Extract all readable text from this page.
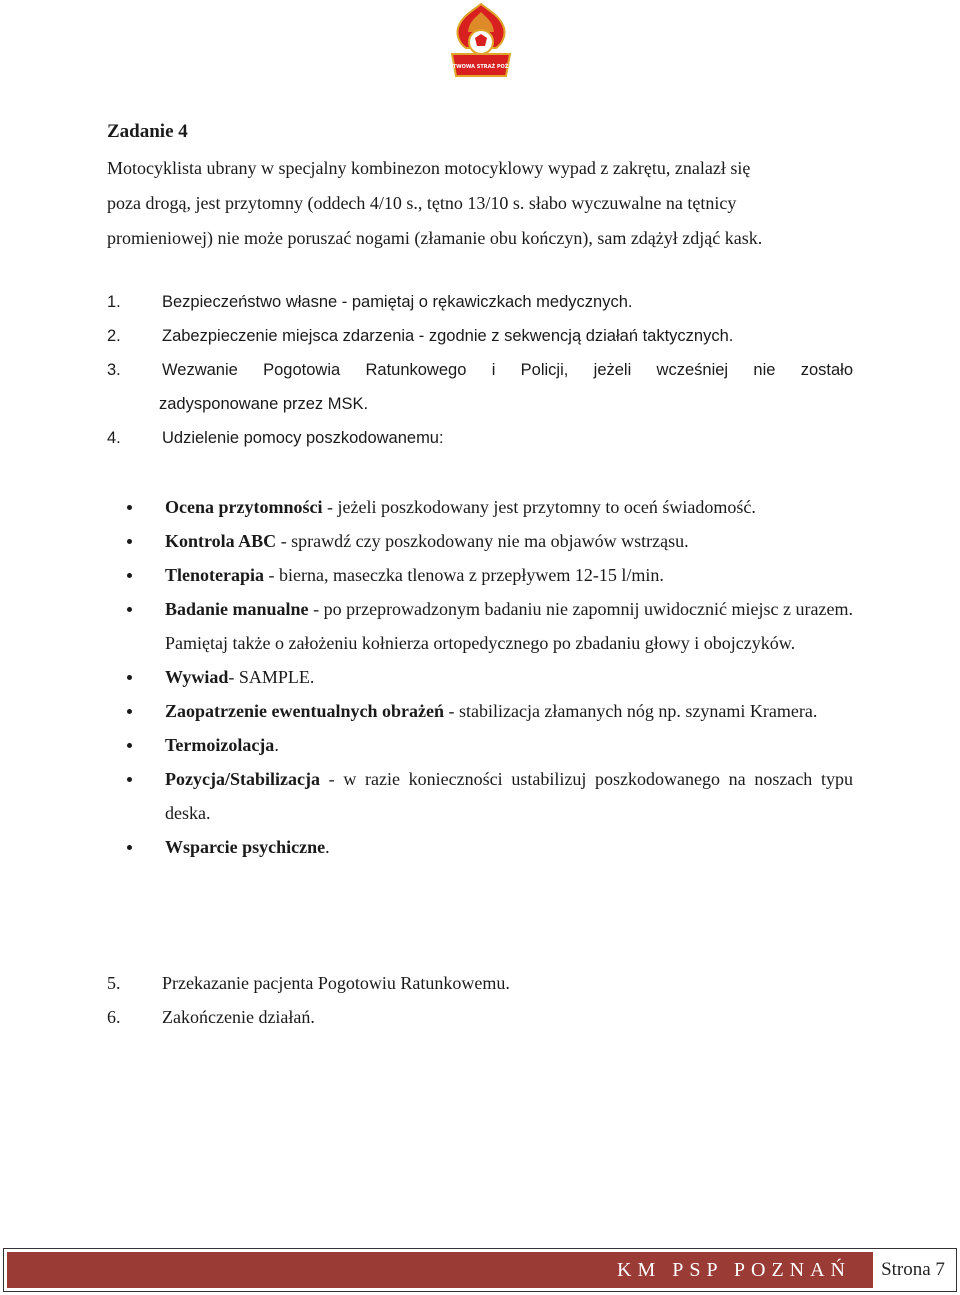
PAŃSTWOWA STRAŻ POŻARNA
Zadanie 4

Motocyklista ubrany w specjalny kombinezon motocyklowy wypad z zakrętu, znalazł się

poza drogą, jest przytomny (oddech 4/10 s., tętno 13/10 s. słabo wyczuwalne na tętnicy

promieniowej) nie może poruszać nogami (złamanie obu kończyn), sam zdążył zdjąć kask.

1. Bezpieczeństwo własne - pamiętaj o rękawiczkach medycznych.
2. Zabezpieczenie miejsca zdarzenia - zgodnie z sekwencją działań taktycznych.
3. Wezwanie Pogotowia Ratunkowego i Policji, jeżeli wcześniej nie zostało
zadysponowane przez MSK.
4. Udzielenie pomocy poszkodowanemu:
Ocena przytomności - jeżeli poszkodowany jest przytomny to oceń świadomość.
Kontrola ABC - sprawdź czy poszkodowany nie ma objawów wstrząsu.
Tlenoterapia - bierna, maseczka tlenowa z przepływem 12-15 l/min.
Badanie manualne - po przeprowadzonym badaniu nie zapomnij uwidocznić miejsc z urazem. Pamiętaj także o założeniu kołnierza ortopedycznego po zbadaniu głowy i obojczyków.
Wywiad- SAMPLE.
Zaopatrzenie ewentualnych obrażeń - stabilizacja złamanych nóg np. szynami Kramera.
Termoizolacja.
Pozycja/Stabilizacja - w razie konieczności ustabilizuj poszkodowanego na noszach typu deska.
Wsparcie psychiczne.
5. Przekazanie pacjenta Pogotowiu Ratunkowemu.
6. Zakończenie działań.
KM PSP POZNAŃ	Strona 7
